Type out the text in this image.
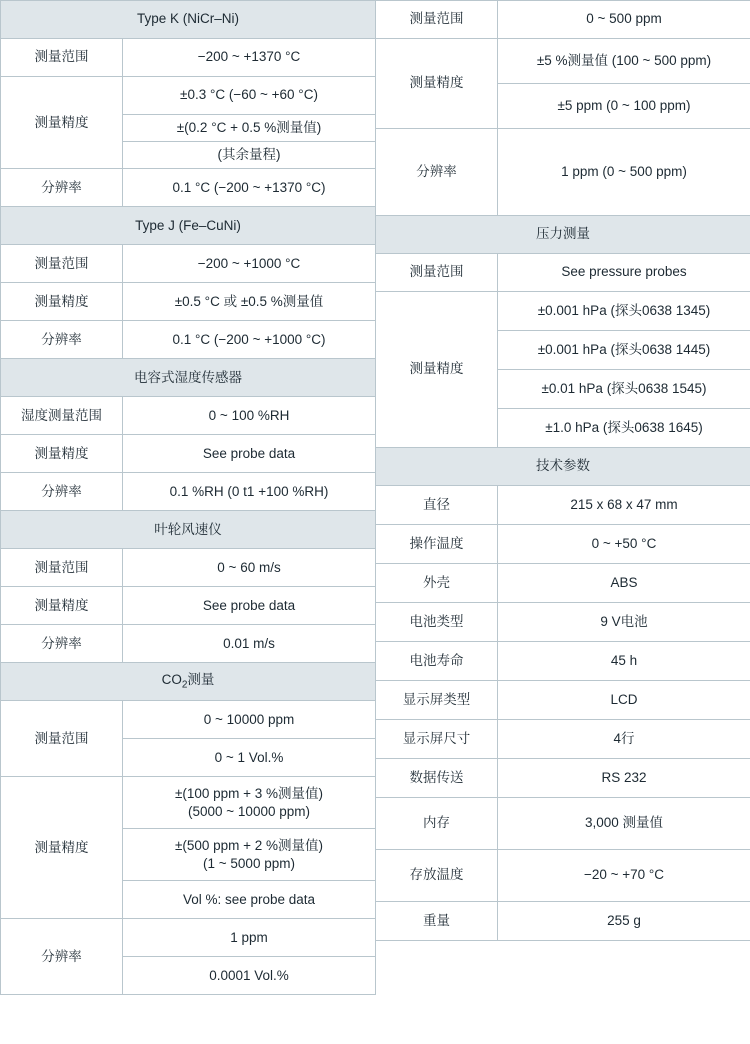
Type K (NiCr–Ni)	
测量范围	−200 ~ +1370 °C
测量精度	±0.3 °C (−60 ~ +60 °C)
	±(0.2 °C + 0.5 %测量值)
	(其余量程)
分辨率	0.1 °C (−200 ~ +1370 °C)
Type J (Fe–CuNi)	
测量范围	−200 ~ +1000 °C
测量精度	±0.5 °C 或 ±0.5 %测量值
分辨率	0.1 °C (−200 ~ +1000 °C)
电容式湿度传感器	
湿度测量范围	0 ~ 100 %RH
测量精度	See probe data
分辨率	0.1 %RH (0 t1 +100 %RH)
叶轮风速仪	
测量范围	0 ~ 60 m/s
测量精度	See probe data
分辨率	0.01 m/s
$CO_2$测量	
测量范围	0 ~ 10000 ppm
	0 ~ 1 Vol.%
测量精度	±(100 ppm + 3 %测量值)
(5000 ~ 10000 ppm)
	±(500 ppm + 2 %测量值)
(1 ~ 5000 ppm)
	Vol %: see probe data
分辨率	1 ppm
	0.0001 Vol.%
测量范围	0 ~ 500 ppm
测量精度	±5 %测量值 (100 ~ 500 ppm)
	±5 ppm (0 ~ 100 ppm)
分辨率	1 ppm (0 ~ 500 ppm)
压力测量	
测量范围	See pressure probes
测量精度	±0.001 hPa (探头0638 1345)
	±0.001 hPa (探头0638 1445)
	±0.01 hPa (探头0638 1545)
	±1.0 hPa (探头0638 1645)
技术参数	
直径	215 x 68 x 47 mm
操作温度	0 ~ +50 °C
外壳	ABS
电池类型	9 V电池
电池寿命	45 h
显示屏类型	LCD
显示屏尺寸	4行
数据传送	RS 232
内存	3,000 测量值
存放温度	−20 ~ +70 °C
重量	255 g
